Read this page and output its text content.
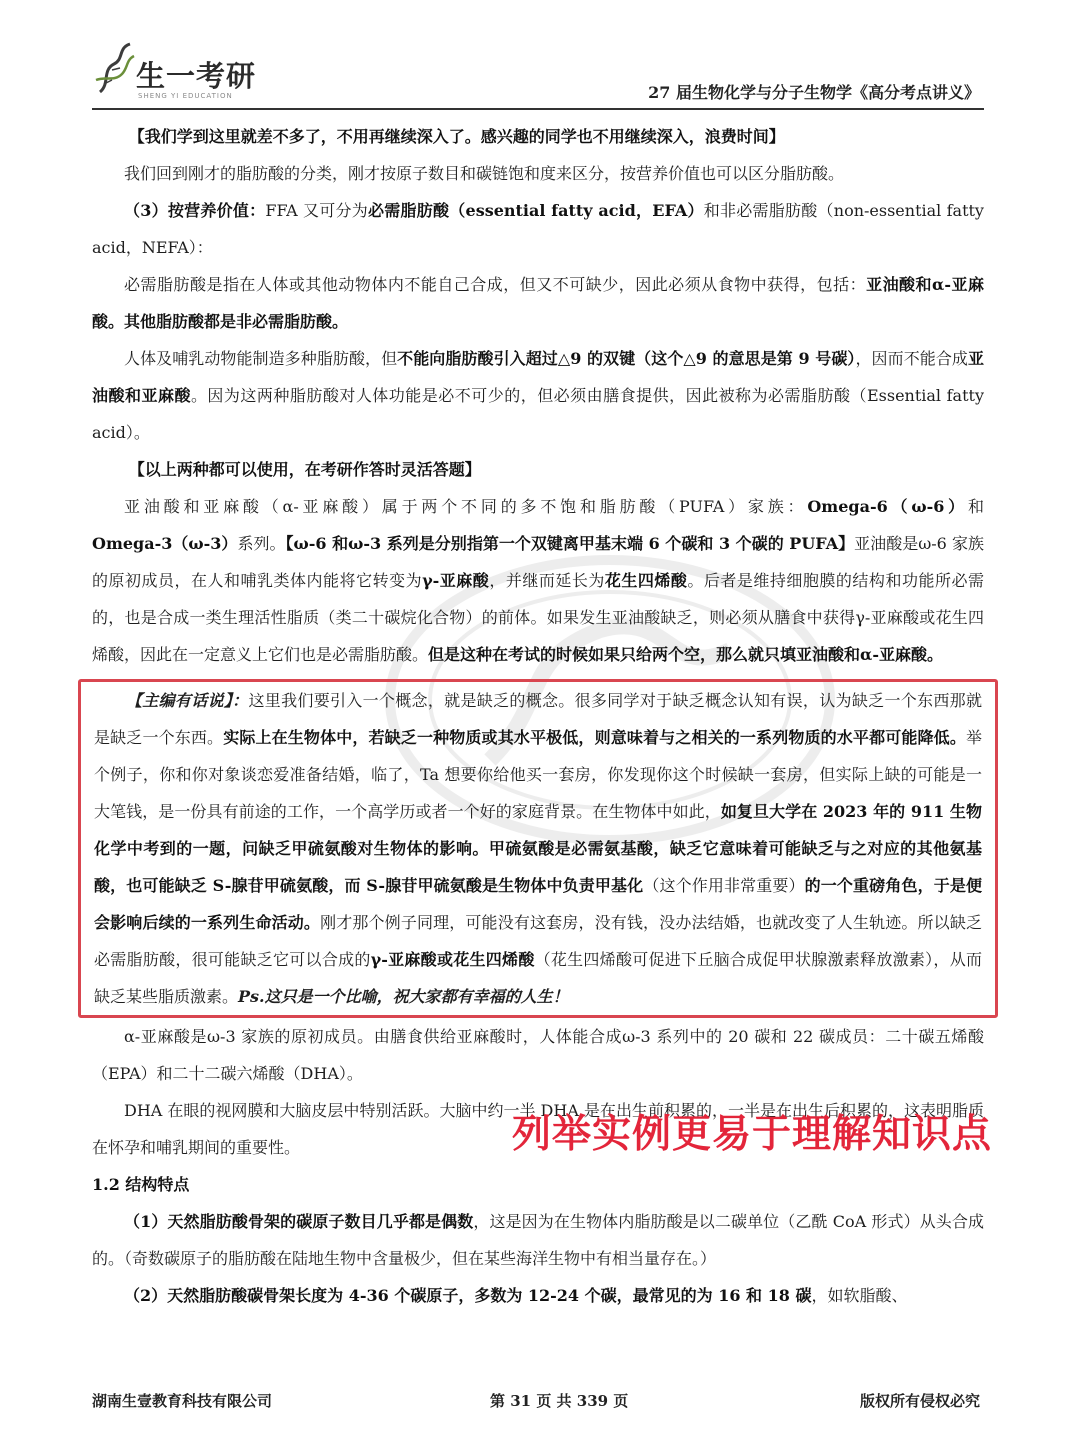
生一考研
SHENG YI EDUCATION	27 届生物化学与分子生物学《高分考点讲义》

【我们学到这里就差不多了，不用再继续深入了。感兴趣的同学也不用继续深入，浪费时间】

我们回到刚才的脂肪酸的分类，刚才按原子数目和碳链饱和度来区分，按营养价值也可以区分脂肪酸。

（3）按营养价值：FFA 又可分为必需脂肪酸（essential fatty acid，EFA）和非必需脂肪酸（non-essential fatty acid，NEFA）：

必需脂肪酸是指在人体或其他动物体内不能自己合成，但又不可缺少，因此必须从食物中获得，包括：亚油酸和α-亚麻酸。其他脂肪酸都是非必需脂肪酸。

人体及哺乳动物能制造多种脂肪酸，但不能向脂肪酸引入超过△9 的双键（这个△9 的意思是第 9 号碳），因而不能合成亚油酸和亚麻酸。因为这两种脂肪酸对人体功能是必不可少的，但必须由膳食提供，因此被称为必需脂肪酸（Essential fatty acid）。

【以上两种都可以使用，在考研作答时灵活答题】

亚油酸和亚麻酸（α-亚麻酸）属于两个不同的多不饱和脂肪酸（PUFA）家族：Omega-6（ω-6）和Omega-3（ω-3）系列。【ω-6 和ω-3 系列是分别指第一个双键离甲基末端 6 个碳和 3 个碳的 PUFA】亚油酸是ω-6 家族的原初成员，在人和哺乳类体内能将它转变为γ-亚麻酸，并继而延长为花生四烯酸。后者是维持细胞膜的结构和功能所必需的，也是合成一类生理活性脂质（类二十碳烷化合物）的前体。如果发生亚油酸缺乏，则必须从膳食中获得γ-亚麻酸或花生四烯酸，因此在一定意义上它们也是必需脂肪酸。但是这种在考试的时候如果只给两个空，那么就只填亚油酸和α-亚麻酸。

【主编有话说】：这里我们要引入一个概念，就是缺乏的概念。很多同学对于缺乏概念认知有误，认为缺乏一个东西那就是缺乏一个东西。实际上在生物体中，若缺乏一种物质或其水平极低，则意味着与之相关的一系列物质的水平都可能降低。举个例子，你和你对象谈恋爱准备结婚，临了，Ta 想要你给他买一套房，你发现你这个时候缺一套房，但实际上缺的可能是一大笔钱，是一份具有前途的工作，一个高学历或者一个好的家庭背景。在生物体中如此，如复旦大学在 2023 年的 911 生物化学中考到的一题，问缺乏甲硫氨酸对生物体的影响。甲硫氨酸是必需氨基酸，缺乏它意味着可能缺乏与之对应的其他氨基酸，也可能缺乏 S-腺苷甲硫氨酸，而 S-腺苷甲硫氨酸是生物体中负责甲基化（这个作用非常重要）的一个重磅角色，于是便会影响后续的一系列生命活动。刚才那个例子同理，可能没有这套房，没有钱，没办法结婚，也就改变了人生轨迹。所以缺乏必需脂肪酸，很可能缺乏它可以合成的γ-亚麻酸或花生四烯酸（花生四烯酸可促进下丘脑合成促甲状腺激素释放激素），从而缺乏某些脂质激素。Ps.这只是一个比喻，祝大家都有幸福的人生！

α-亚麻酸是ω-3 家族的原初成员。由膳食供给亚麻酸时，人体能合成ω-3 系列中的 20 碳和 22 碳成员：二十碳五烯酸（EPA）和二十二碳六烯酸（DHA）。

DHA 在眼的视网膜和大脑皮层中特别活跃。大脑中约一半 DHA 是在出生前积累的，一半是在出生后积累的，这表明脂质在怀孕和哺乳期间的重要性。

1.2 结构特点

（1）天然脂肪酸骨架的碳原子数目几乎都是偶数，这是因为在生物体内脂肪酸是以二碳单位（乙酰 CoA 形式）从头合成的。（奇数碳原子的脂肪酸在陆地生物中含量极少，但在某些海洋生物中有相当量存在。）

（2）天然脂肪酸碳骨架长度为 4-36 个碳原子，多数为 12-24 个碳，最常见的为 16 和 18 碳，如软脂酸、

列举实例更易于理解知识点
湖南生壹教育科技有限公司	第 31 页 共 339 页	版权所有侵权必究
